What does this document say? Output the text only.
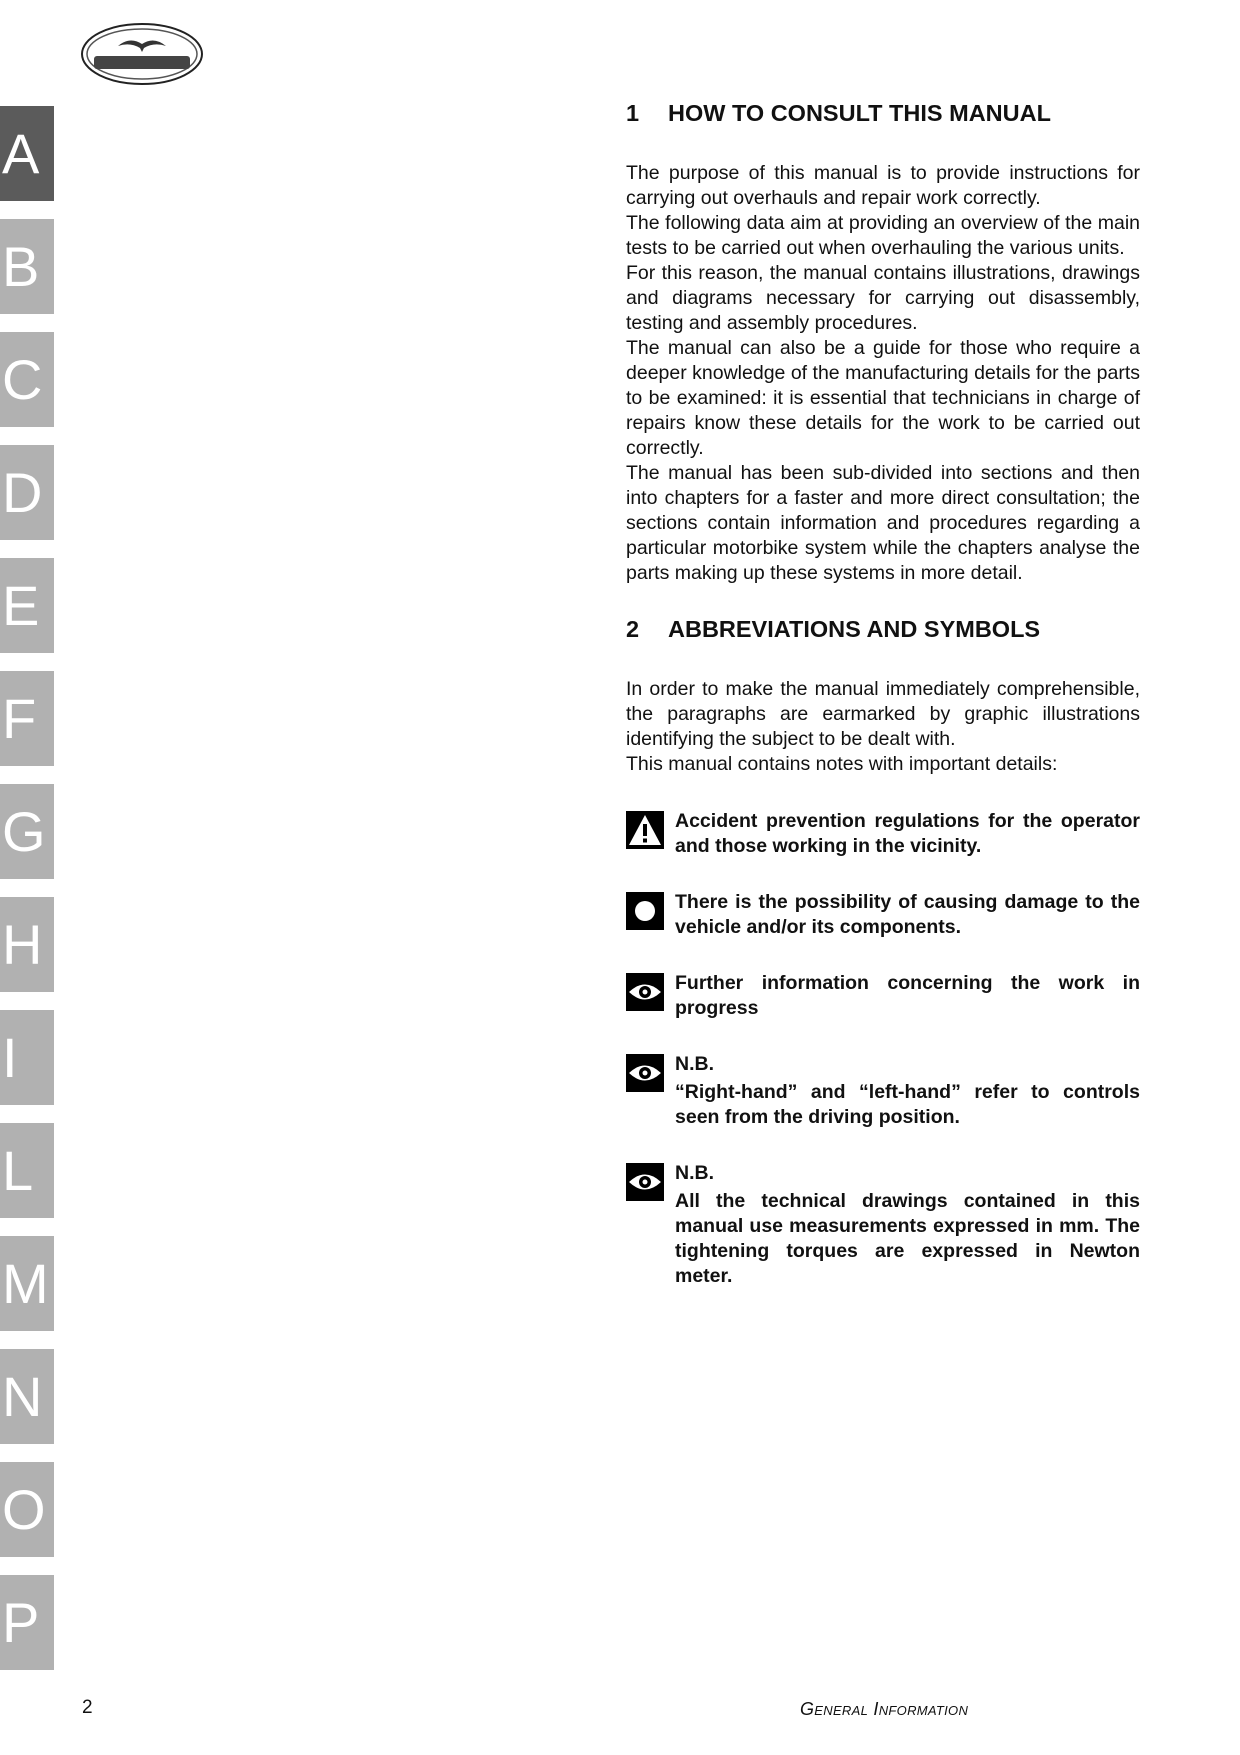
A
B
C
D
E
F
G
H
I
L
M
N
O
P
1	HOW TO CONSULT THIS MANUAL

The purpose of this manual is to provide instructions for carrying out overhauls and repair work correctly.

The following data aim at providing an overview of the main tests to be carried out when overhauling the various units.

For this reason, the manual contains illustrations, drawings and diagrams necessary for carrying out disassembly, testing and assembly procedures.

The manual can also be a guide for those who require a deeper knowledge of the manufacturing details for the parts to be examined: it is essential that technicians in charge of repairs know these details for the work to be carried out correctly.

The manual has been sub-divided into sections and then into chapters for a faster and more direct consultation; the sections contain information and procedures regarding a particular motorbike system while the chapters analyse the parts making up these systems in more detail.

2	ABBREVIATIONS AND SYMBOLS

In order to make the manual immediately comprehensible, the paragraphs are earmarked by graphic illustrations identifying the subject to be dealt with.

This manual contains notes with important details:

Accident prevention regulations for the operator and those working in the vicinity.

There is the possibility of causing damage to the vehicle and/or its components.

Further information concerning the work in progress

N.B.

“Right-hand” and “left-hand” refer to controls seen from the driving position.

N.B.

All the technical drawings contained in this manual use measurements expressed in mm. The tightening torques are expressed in Newton meter.

2	General Information
